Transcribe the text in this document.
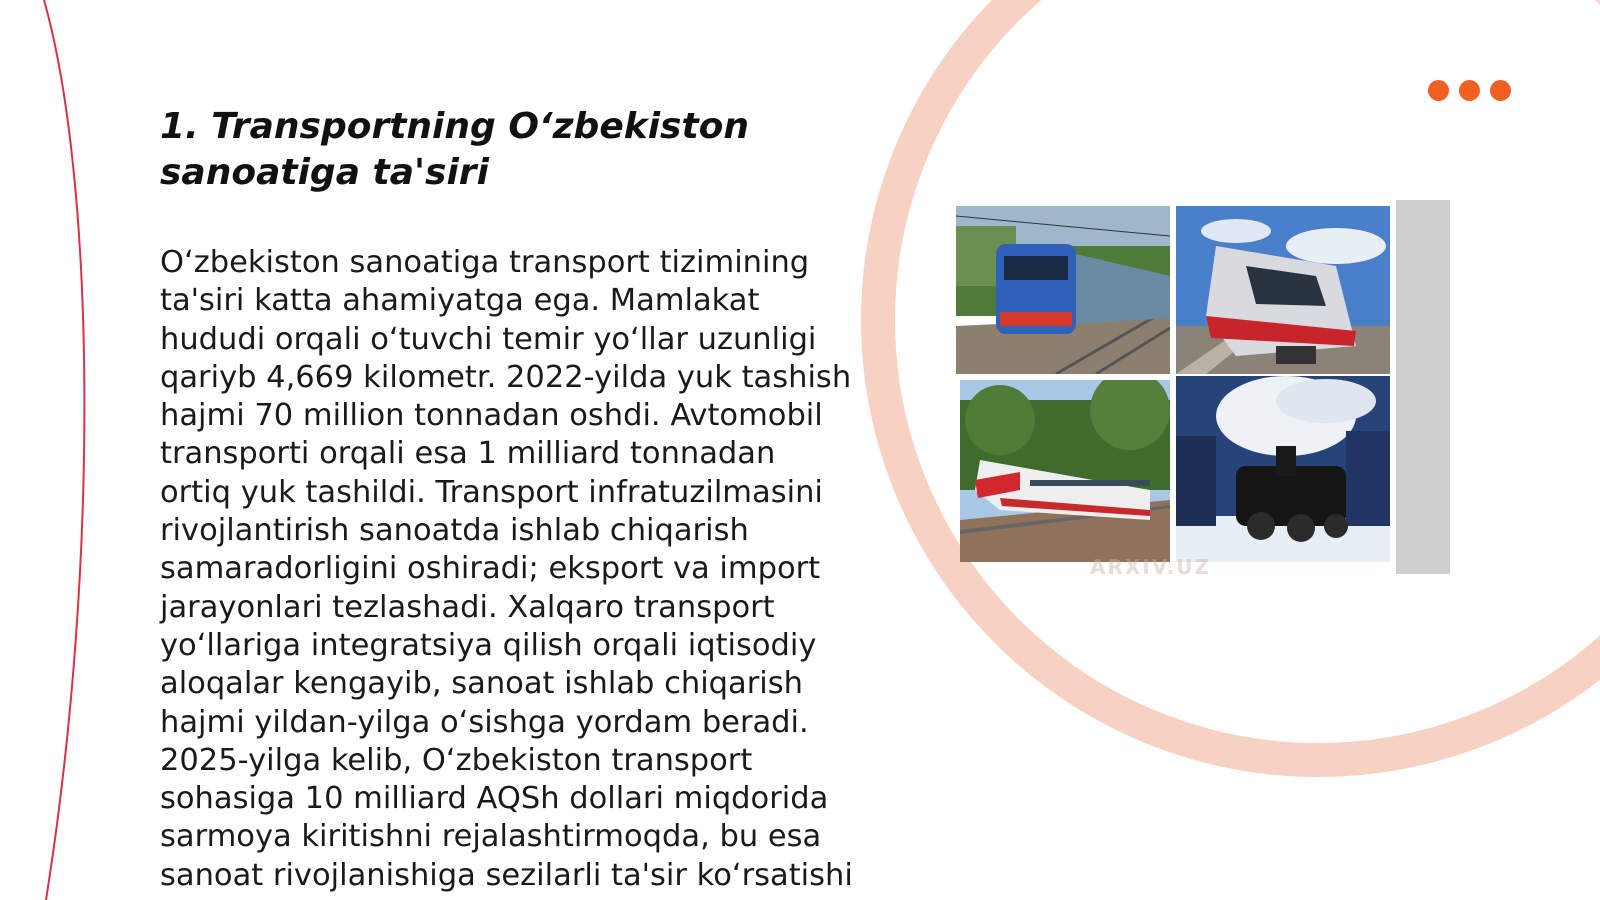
1. Transportning O‘zbekiston
sanoatiga ta'siri

O‘zbekiston sanoatiga transport tizimining
ta'siri katta ahamiyatga ega. Mamlakat
hududi orqali o‘tuvchi temir yo‘llar uzunligi
qariyb 4,669 kilometr. 2022-yilda yuk tashish
hajmi 70 million tonnadan oshdi. Avtomobil
transporti orqali esa 1 milliard tonnadan
ortiq yuk tashildi. Transport infratuzilmasini
rivojlantirish sanoatda ishlab chiqarish
samaradorligini oshiradi; eksport va import
jarayonlari tezlashadi. Xalqaro transport
yo‘llariga integratsiya qilish orqali iqtisodiy
aloqalar kengayib, sanoat ishlab chiqarish
hajmi yildan-yilga o‘sishga yordam beradi.
2025-yilga kelib, O‘zbekiston transport
sohasiga 10 milliard AQSh dollari miqdorida
sarmoya kiritishni rejalashtirmoqda, bu esa
sanoat rivojlanishiga sezilarli ta'sir ko‘rsatishi

ARXIV.UZ
